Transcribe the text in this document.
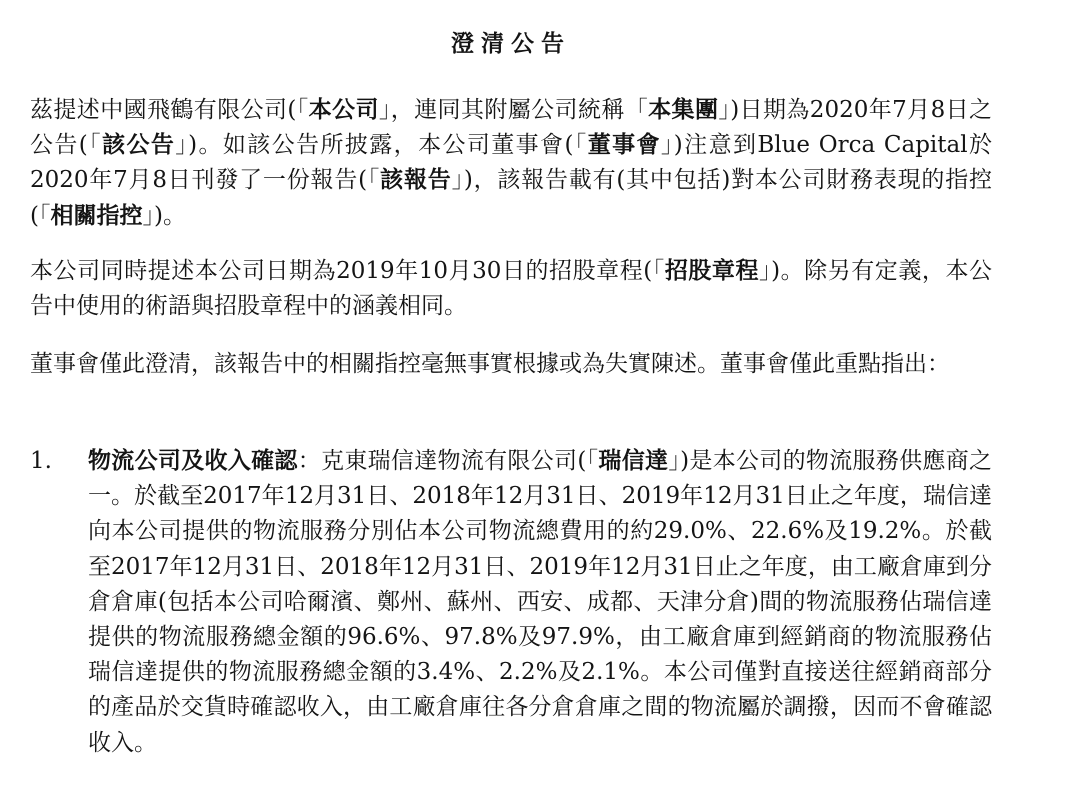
澄清公告

茲提述中國飛鶴有限公司(「本公司」，連同其附屬公司統稱「本集團」)日期為2020年7月8日之公告(「該公告」)。如該公告所披露，本公司董事會(「董事會」)注意到Blue Orca Capital於2020年7月8日刊發了一份報告(「該報告」)，該報告載有(其中包括)對本公司財務表現的指控(「相關指控」)。

本公司同時提述本公司日期為2019年10月30日的招股章程(「招股章程」)。除另有定義，本公告中使用的術語與招股章程中的涵義相同。

董事會僅此澄清，該報告中的相關指控毫無事實根據或為失實陳述。董事會僅此重點指出：

1. 物流公司及收入確認：克東瑞信達物流有限公司(「瑞信達」)是本公司的物流服務供應商之一。於截至2017年12月31日、2018年12月31日、2019年12月31日止之年度，瑞信達向本公司提供的物流服務分別佔本公司物流總費用的約29.0%、22.6%及19.2%。於截至2017年12月31日、2018年12月31日、2019年12月31日止之年度，由工廠倉庫到分倉倉庫(包括本公司哈爾濱、鄭州、蘇州、西安、成都、天津分倉)間的物流服務佔瑞信達提供的物流服務總金額的96.6%、97.8%及97.9%，由工廠倉庫到經銷商的物流服務佔瑞信達提供的物流服務總金額的3.4%、2.2%及2.1%。本公司僅對直接送往經銷商部分的產品於交貨時確認收入，由工廠倉庫往各分倉倉庫之間的物流屬於調撥，因而不會確認收入。
